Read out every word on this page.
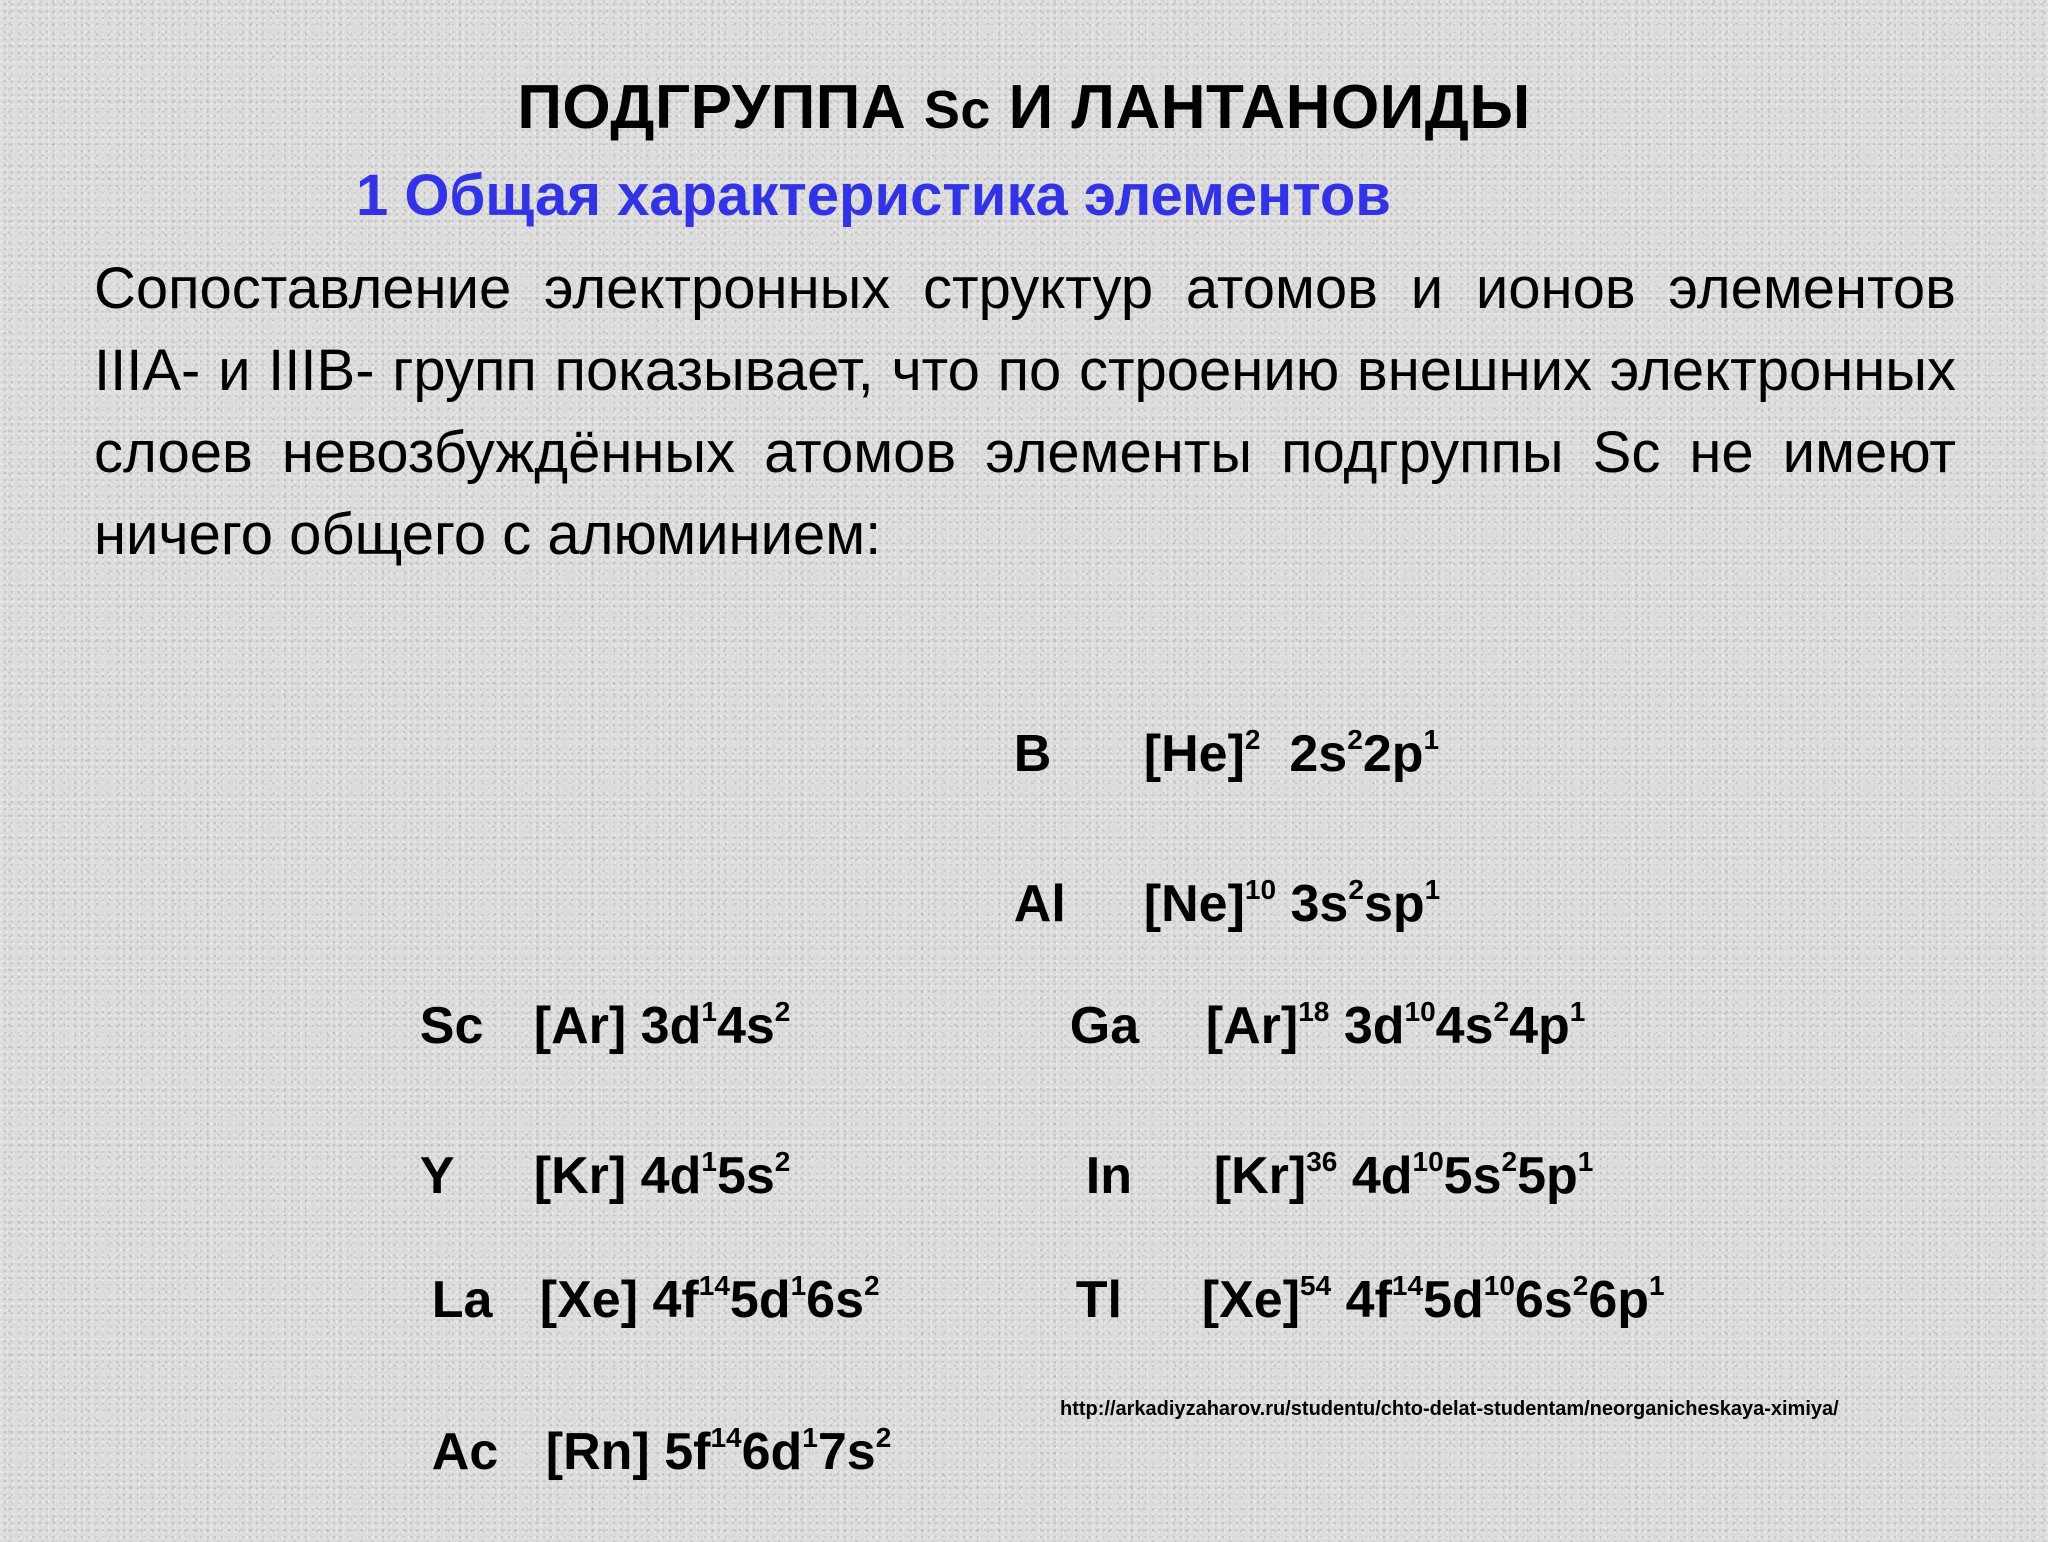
ПОДГРУППА Sc И ЛАНТАНОИДЫ
1 Общая характеристика элементов
Сопоставление электронных структур атомов и ионов элементов IIIA- и IIIB- групп показывает, что по строению внешних электронных слоев невозбуждённых атомов элементы подгруппы Sc не имеют ничего общего с алюминием:

B $[He]^2$ $2s^22p^1$

Al $[Ne]^{10}$ $3s^2sp^1$

Sc [Ar] $3d^14s^2$

Y [Kr] $4d^15s^2$

La [Xe] $4f^{14}5d^16s^2$

Ac [Rn] $5f^{14}6d^17s^2$

Ga $[Ar]^{18}$ $3d^{10}4s^24p^1$

In $[Kr]^{36}$ $4d^{10}5s^25p^1$

Tl $[Xe]^{54}$ $4f^{14}5d^{10}6s^26p^1$

http://arkadiyzaharov.ru/studentu/chto-delat-studentam/neorganicheskaya-ximiya/
